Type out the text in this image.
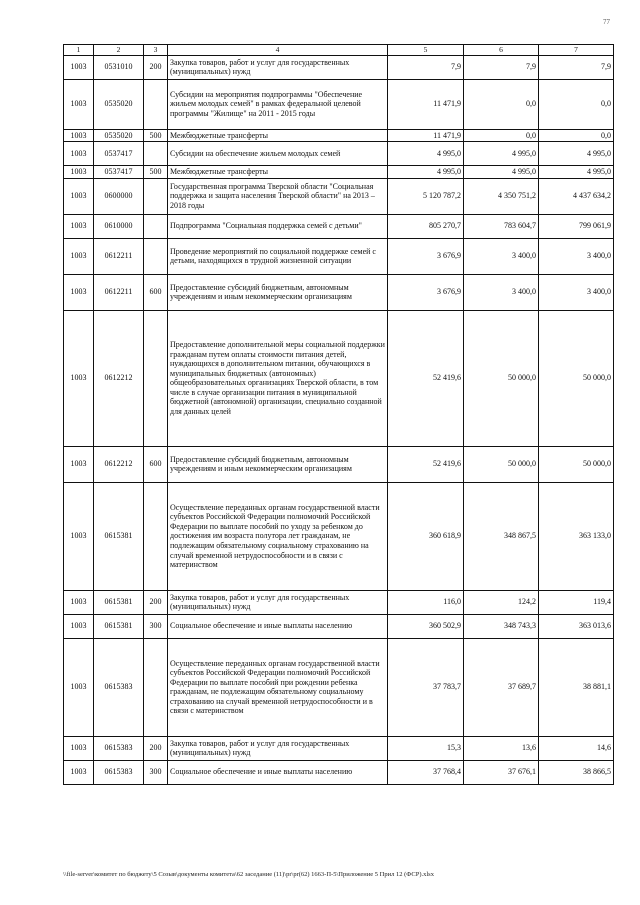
77
1	2	3	4	5	6	7
1003	0531010	200	Закупка товаров, работ и услуг для государственных (муниципальных) нужд	7,9	7,9	7,9
1003	0535020		Субсидии на мероприятия подпрограммы "Обеспечение жильем молодых семей" в рамках федеральной целевой программы "Жилище" на 2011 - 2015 годы	11 471,9	0,0	0,0
1003	0535020	500	Межбюджетные трансферты	11 471,9	0,0	0,0
1003	0537417		Субсидии на обеспечение жильем молодых семей	4 995,0	4 995,0	4 995,0
1003	0537417	500	Межбюджетные трансферты	4 995,0	4 995,0	4 995,0
1003	0600000		Государственная программа Тверской области "Социальная поддержка и защита населения Тверской области" на 2013 – 2018 годы	5 120 787,2	4 350 751,2	4 437 634,2
1003	0610000		Подпрограмма "Социальная поддержка семей с детьми"	805 270,7	783 604,7	799 061,9
1003	0612211		Проведение мероприятий по социальной поддержке семей с детьми, находящихся в трудной жизненной ситуации	3 676,9	3 400,0	3 400,0
1003	0612211	600	Предоставление субсидий бюджетным, автономным учреждениям и иным некоммерческим организациям	3 676,9	3 400,0	3 400,0
1003	0612212		Предоставление дополнительной меры социальной поддержки гражданам путем оплаты стоимости питания детей, нуждающихся в дополнительном питании, обучающихся в муниципальных бюджетных (автономных) общеобразовательных организациях Тверской области, в том числе в случае организации питания в муниципальной бюджетной (автономной) организации, специально созданной для данных целей	52 419,6	50 000,0	50 000,0
1003	0612212	600	Предоставление субсидий бюджетным, автономным учреждениям и иным некоммерческим организациям	52 419,6	50 000,0	50 000,0
1003	0615381		Осуществление переданных органам государственной власти субъектов Российской Федерации полномочий Российской Федерации по выплате пособий по уходу за ребенком до достижения им возраста полутора лет гражданам, не подлежащим обязательному социальному страхованию на случай временной нетрудоспособности и в связи с материнством	360 618,9	348 867,5	363 133,0
1003	0615381	200	Закупка товаров, работ и услуг для государственных (муниципальных) нужд	116,0	124,2	119,4
1003	0615381	300	Социальное обеспечение и иные выплаты населению	360 502,9	348 743,3	363 013,6
1003	0615383		Осуществление переданных органам государственной власти субъектов Российской Федерации полномочий Российской Федерации по выплате пособий при рождении ребенка гражданам, не подлежащим обязательному социальному страхованию на случай временной нетрудоспособности и в связи с материнством	37 783,7	37 689,7	38 881,1
1003	0615383	200	Закупка товаров, работ и услуг для государственных (муниципальных) нужд	15,3	13,6	14,6
1003	0615383	300	Социальное обеспечение и иные выплаты населению	37 768,4	37 676,1	38 866,5
\\file-server\комитет по бюджету\5 Созыв\документы комитета\62 заседание (11)\pr\pr(62) 1663-П-5\Приложение 5 Прил 12 (ФСР).xlsx
